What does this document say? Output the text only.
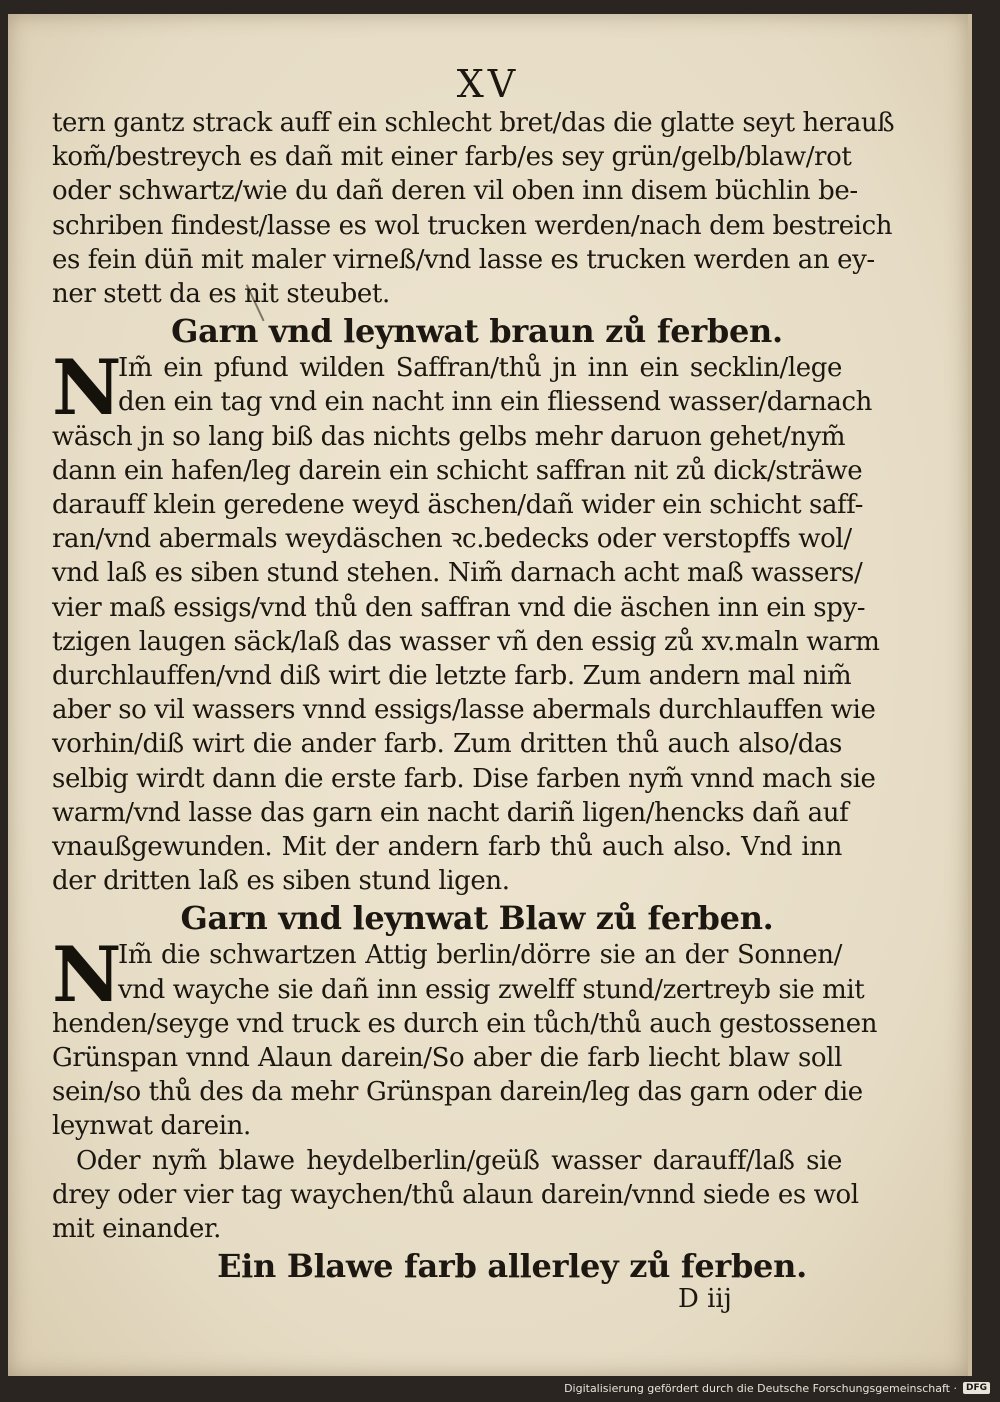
XV
tern gantz strack auff ein schlecht bret/das die glatte seyt herauß
kom̃/bestreych es dañ mit einer farb/es sey grün/gelb/blaw/rot
oder schwartz/wie du dañ deren vil oben inn disem büchlin be-
schriben findest/lasse es wol trucken werden/nach dem bestreich
es fein dün̄ mit maler virneß/vnd lasse es trucken werden an ey-
ner stett da es nit steubet.
Garn vnd leynwat braun zů ferben.
N
Im̃ ein pfund wilden Saffran/thů jn inn ein secklin/lege
den ein tag vnd ein nacht inn ein fliessend wasser/darnach
wäsch jn so lang biß das nichts gelbs mehr daruon gehet/nym̃
dann ein hafen/leg darein ein schicht saffran nit zů dick/sträwe
darauff klein geredene weyd äschen/dañ wider ein schicht saff-
ran/vnd abermals weydäschen ꝛc.bedecks oder verstopffs wol/
vnd laß es siben stund stehen. Nim̃ darnach acht maß wassers/
vier maß essigs/vnd thů den saffran vnd die äschen inn ein spy-
tzigen laugen säck/laß das wasser vñ den essig zů xv.maln warm
durchlauffen/vnd diß wirt die letzte farb. Zum andern mal nim̃
aber so vil wassers vnnd essigs/lasse abermals durchlauffen wie
vorhin/diß wirt die ander farb. Zum dritten thů auch also/das
selbig wirdt dann die erste farb. Dise farben nym̃ vnnd mach sie
warm/vnd lasse das garn ein nacht dariñ ligen/hencks dañ auf
vnaußgewunden. Mit der andern farb thů auch also. Vnd inn
der dritten laß es siben stund ligen.
Garn vnd leynwat Blaw zů ferben.
N
Im̃ die schwartzen Attig berlin/dörre sie an der Sonnen/
vnd wayche sie dañ inn essig zwelff stund/zertreyb sie mit
henden/seyge vnd truck es durch ein tůch/thů auch gestossenen
Grünspan vnnd Alaun darein/So aber die farb liecht blaw soll
sein/so thů des da mehr Grünspan darein/leg das garn oder die
leynwat darein.
Oder nym̃ blawe heydelberlin/geüß wasser darauff/laß sie
drey oder vier tag waychen/thů alaun darein/vnnd siede es wol
mit einander.
Ein Blawe farb allerley zů ferben.
D iij
Digitalisierung gefördert durch die Deutsche Forschungsgemeinschaft ·	DFG
